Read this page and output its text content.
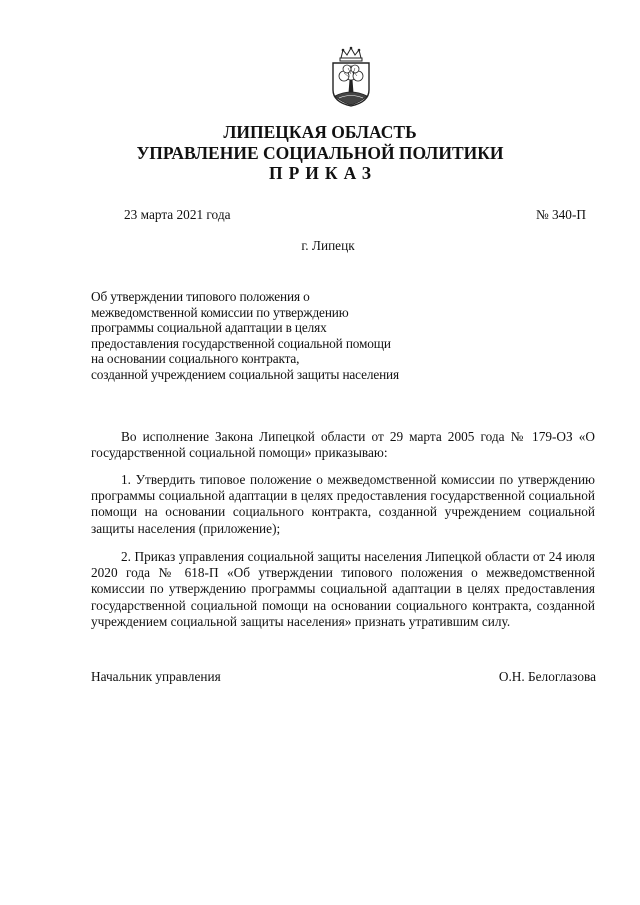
ЛИПЕЦКАЯ ОБЛАСТЬ
УПРАВЛЕНИЕ СОЦИАЛЬНОЙ ПОЛИТИКИ
ПРИКАЗ
23 марта 2021 года	№ 340-П
г. Липецк
Об утверждении типового положения о
межведомственной комиссии по утверждению
программы социальной адаптации в целях
предоставления государственной социальной помощи
на основании социального контракта,
созданной учреждением социальной защиты населения

Во исполнение Закона Липецкой области от 29 марта 2005 года № 179-ОЗ «О государственной социальной помощи» приказываю:

1. Утвердить типовое положение о межведомственной комиссии по утверждению программы социальной адаптации в целях предоставления государственной социальной помощи на основании социального контракта, созданной учреждением социальной защиты населения (приложение);

2. Приказ управления социальной защиты населения Липецкой области от 24 июля 2020 года № 618-П «Об утверждении типового положения о межведомственной комиссии по утверждению программы социальной адаптации в целях предоставления государственной социальной помощи на основании социального контракта, созданной учреждением социальной защиты населения» признать утратившим силу.

Начальник управления	О.Н. Белоглазова
